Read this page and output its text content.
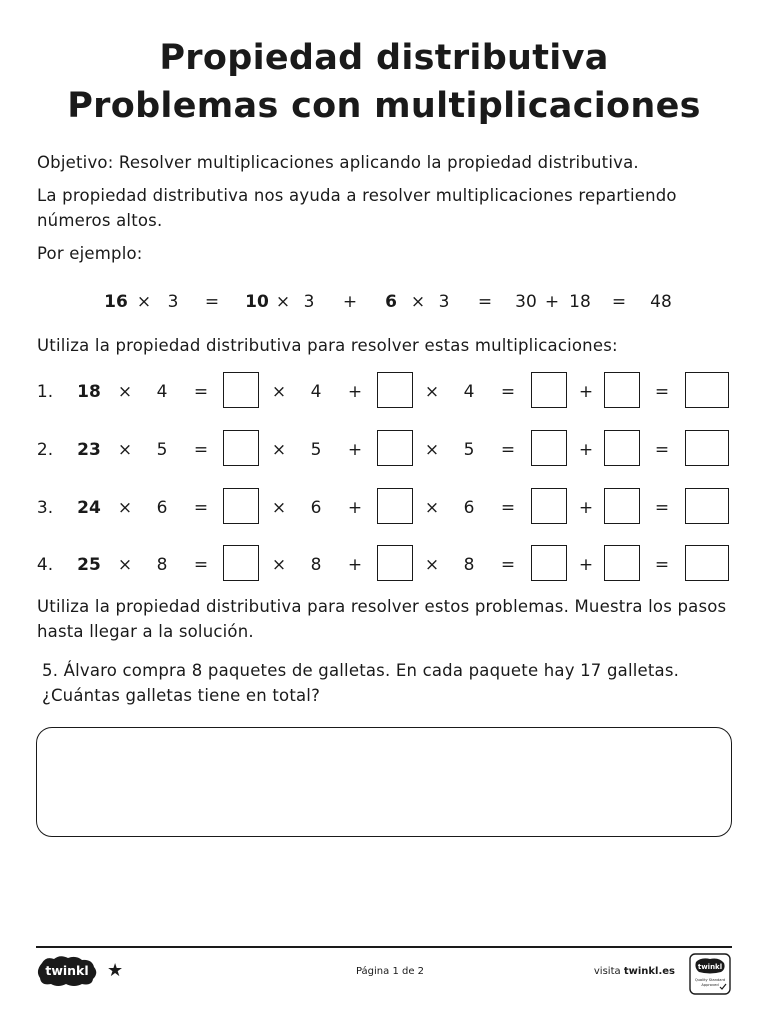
Propiedad distributiva
Problemas con multiplicaciones
Objetivo: Resolver multiplicaciones aplicando la propiedad distributiva.
La propiedad distributiva nos ayuda a resolver multiplicaciones repartiendo números altos.
Por ejemplo:
16 × 3 = 10 × 3 + 6 × 3 = 30 + 18 = 48
Utiliza la propiedad distributiva para resolver estas multiplicaciones:
1. 18 × 4 =	× 4 +	× 4 =	+	=
2. 23 × 5 =	× 5 +	× 5 =	+	=
3. 24 × 6 =	× 6 +	× 6 =	+	=
4. 25 × 8 =	× 8 +	× 8 =	+	=
Utiliza la propiedad distributiva para resolver estos problemas. Muestra los pasos hasta llegar a la solución.
5. Álvaro compra 8 paquetes de galletas. En cada paquete hay 17 galletas. ¿Cuántas galletas tiene en total?
twinkl ★	Página 1 de 2	visita twinkl.es	twinkl
Quality Standard
Approved
